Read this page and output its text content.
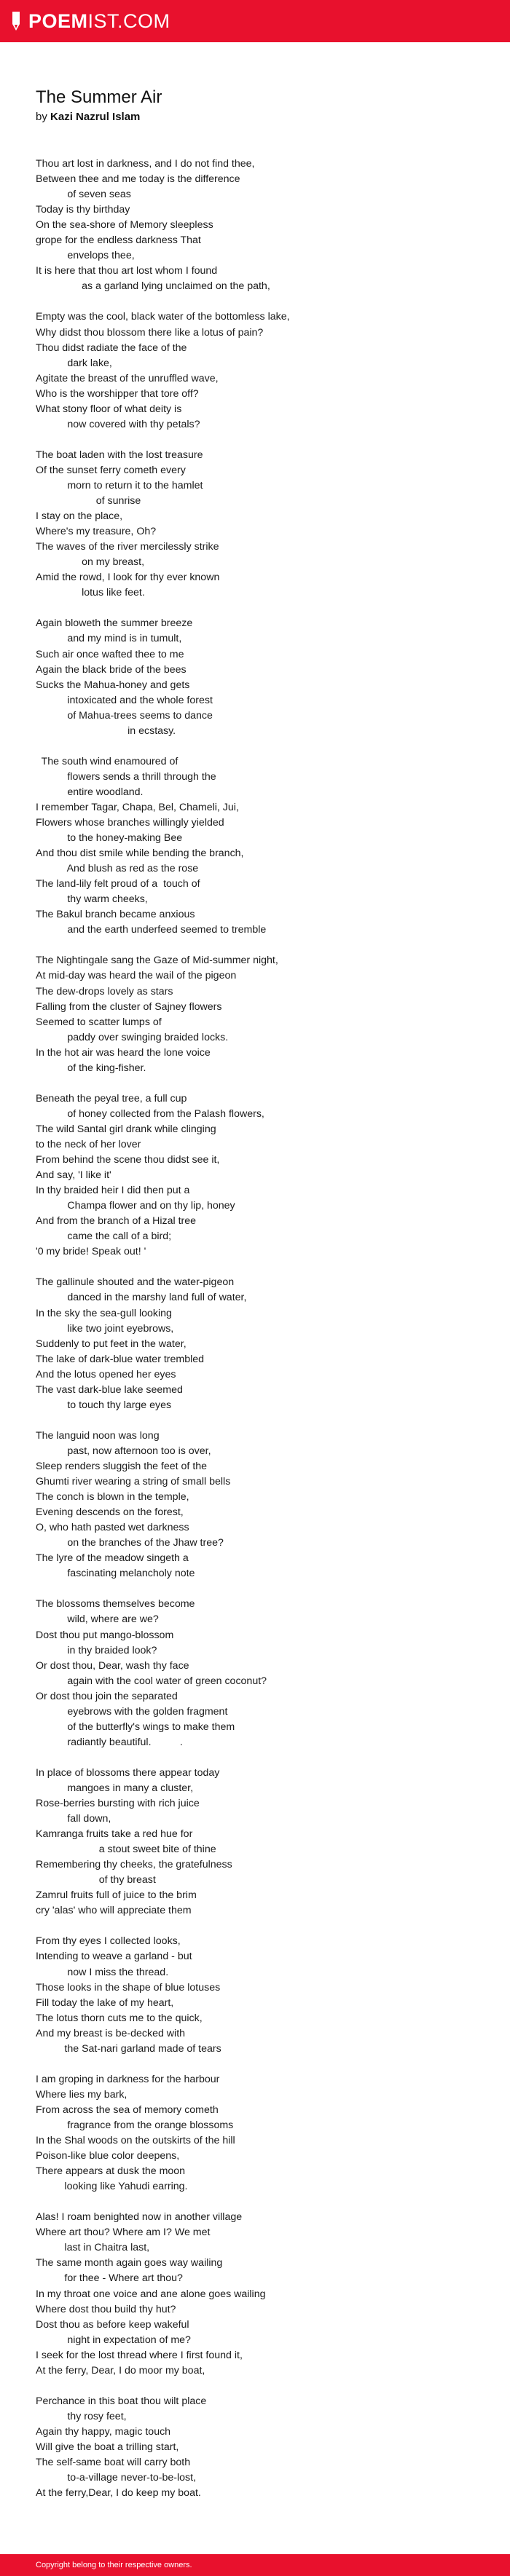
POEMIST.COM
The Summer Air
by Kazi Nazrul Islam
Thou art lost in darkness, and I do not find thee,
Between thee and me today is the difference
of seven seas
Today is thy birthday
On the sea-shore of Memory sleepless
grope for the endless darkness That
envelops thee,
It is here that thou art lost whom I found
as a garland lying unclaimed on the path,
Empty was the cool, black water of the bottomless lake,
Why didst thou blossom there like a lotus of pain?
Thou didst radiate the face of the
dark lake,
Agitate the breast of the unruffled wave,
Who is the worshipper that tore off?
What stony floor of what deity is
now covered with thy petals?
The boat laden with the lost treasure
Of the sunset ferry cometh every
morn to return it to the hamlet
of sunrise
I stay on the place,
Where's my treasure, Oh?
The waves of the river mercilessly strike
on my breast,
Amid the rowd, I look for thy ever known
lotus like feet.
Again bloweth the summer breeze
and my mind is in tumult,
Such air once wafted thee to me
Again the black bride of the bees
Sucks the Mahua-honey and gets
intoxicated and the whole forest
of Mahua-trees seems to dance
in ecstasy.
The south wind enamoured of
flowers sends a thrill through the
entire woodland.
I remember Tagar, Chapa, Bel, Chameli, Jui,
Flowers whose branches willingly yielded
to the honey-making Bee
And thou dist smile while bending the branch,
And blush as red as the rose
The land-lily felt proud of a  touch of
thy warm cheeks,
The Bakul branch became anxious
and the earth underfeed seemed to tremble
The Nightingale sang the Gaze of Mid-summer night,
At mid-day was heard the wail of the pigeon
The dew-drops lovely as stars
Falling from the cluster of Sajney flowers
Seemed to scatter lumps of
paddy over swinging braided locks.
In the hot air was heard the lone voice
of the king-fisher.
Beneath the peyal tree, a full cup
of honey collected from the Palash flowers,
The wild Santal girl drank while clinging
to the neck of her lover
From behind the scene thou didst see it,
And say, 'I like it'
In thy braided heir I did then put a
Champa flower and on thy lip, honey
And from the branch of a Hizal tree
came the call of a bird;
'0 my bride! Speak out! '
The gallinule shouted and the water-pigeon
danced in the marshy land full of water,
In the sky the sea-gull looking
like two joint eyebrows,
Suddenly to put feet in the water,
The lake of dark-blue water trembled
And the lotus opened her eyes
The vast dark-blue lake seemed
to touch thy large eyes
The languid noon was long
past, now afternoon too is over,
Sleep renders sluggish the feet of the
Ghumti river wearing a string of small bells
The conch is blown in the temple,
Evening descends on the forest,
O, who hath pasted wet darkness
on the branches of the Jhaw tree?
The lyre of the meadow singeth a
fascinating melancholy note
The blossoms themselves become
wild, where are we?
Dost thou put mango-blossom
in thy braided look?
Or dost thou, Dear, wash thy face
again with the cool water of green coconut?
Or dost thou join the separated
eyebrows with the golden fragment
of the butterfly's wings to make them
radiantly beautiful.          .
In place of blossoms there appear today
mangoes in many a cluster,
Rose-berries bursting with rich juice
fall down,
Kamranga fruits take a red hue for
a stout sweet bite of thine
Remembering thy cheeks, the gratefulness
of thy breast
Zamrul fruits full of juice to the brim
cry 'alas' who will appreciate them
From thy eyes I collected looks,
Intending to weave a garland - but
now I miss the thread.
Those looks in the shape of blue lotuses
Fill today the lake of my heart,
The lotus thorn cuts me to the quick,
And my breast is be-decked with
the Sat-nari garland made of tears
I am groping in darkness for the harbour
Where lies my bark,
From across the sea of memory cometh
fragrance from the orange blossoms
In the Shal woods on the outskirts of the hill
Poison-like blue color deepens,
There appears at dusk the moon
looking like Yahudi earring.
Alas! I roam benighted now in another village
Where art thou? Where am I? We met
last in Chaitra last,
The same month again goes way wailing
for thee - Where art thou?
In my throat one voice and ane alone goes wailing
Where dost thou build thy hut?
Dost thou as before keep wakeful
night in expectation of me?
I seek for the lost thread where I first found it,
At the ferry, Dear, I do moor my boat,
Perchance in this boat thou wilt place
thy rosy feet,
Again thy happy, magic touch
Will give the boat a trilling start,
The self-same boat will carry both
to-a-village never-to-be-lost,
At the ferry,Dear, I do keep my boat.
Copyright belong to their respective owners.
